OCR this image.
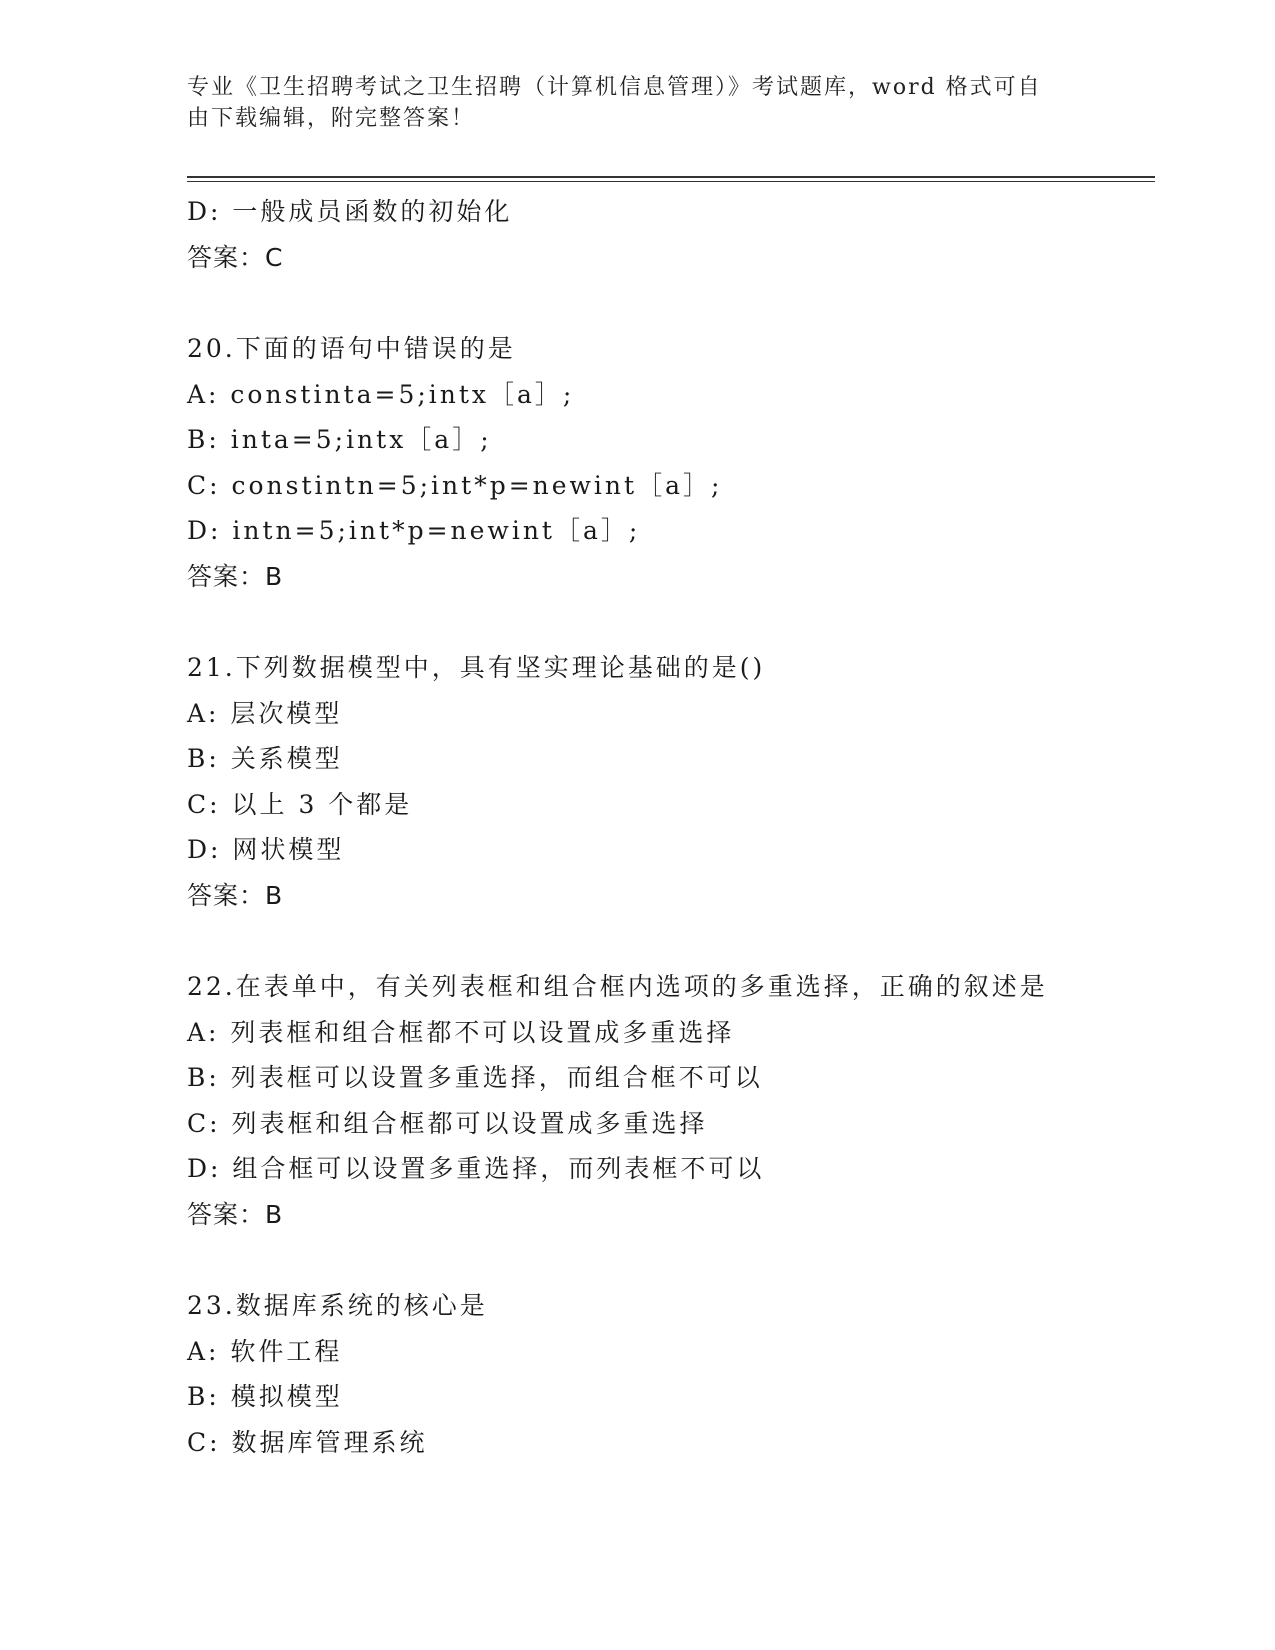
专业《卫生招聘考试之卫生招聘（计算机信息管理）》考试题库，word 格式可自
由下载编辑，附完整答案！
D: 一般成员函数的初始化
答案：C
20.下面的语句中错误的是
A: constinta=5;intx［a］;
B: inta=5;intx［a］;
C: constintn=5;int*p=newint［a］;
D: intn=5;int*p=newint［a］;
答案：B
21.下列数据模型中，具有坚实理论基础的是()
A: 层次模型
B: 关系模型
C: 以上 3 个都是
D: 网状模型
答案：B
22.在表单中，有关列表框和组合框内选项的多重选择，正确的叙述是
A: 列表框和组合框都不可以设置成多重选择
B: 列表框可以设置多重选择，而组合框不可以
C: 列表框和组合框都可以设置成多重选择
D: 组合框可以设置多重选择，而列表框不可以
答案：B
23.数据库系统的核心是
A: 软件工程
B: 模拟模型
C: 数据库管理系统
